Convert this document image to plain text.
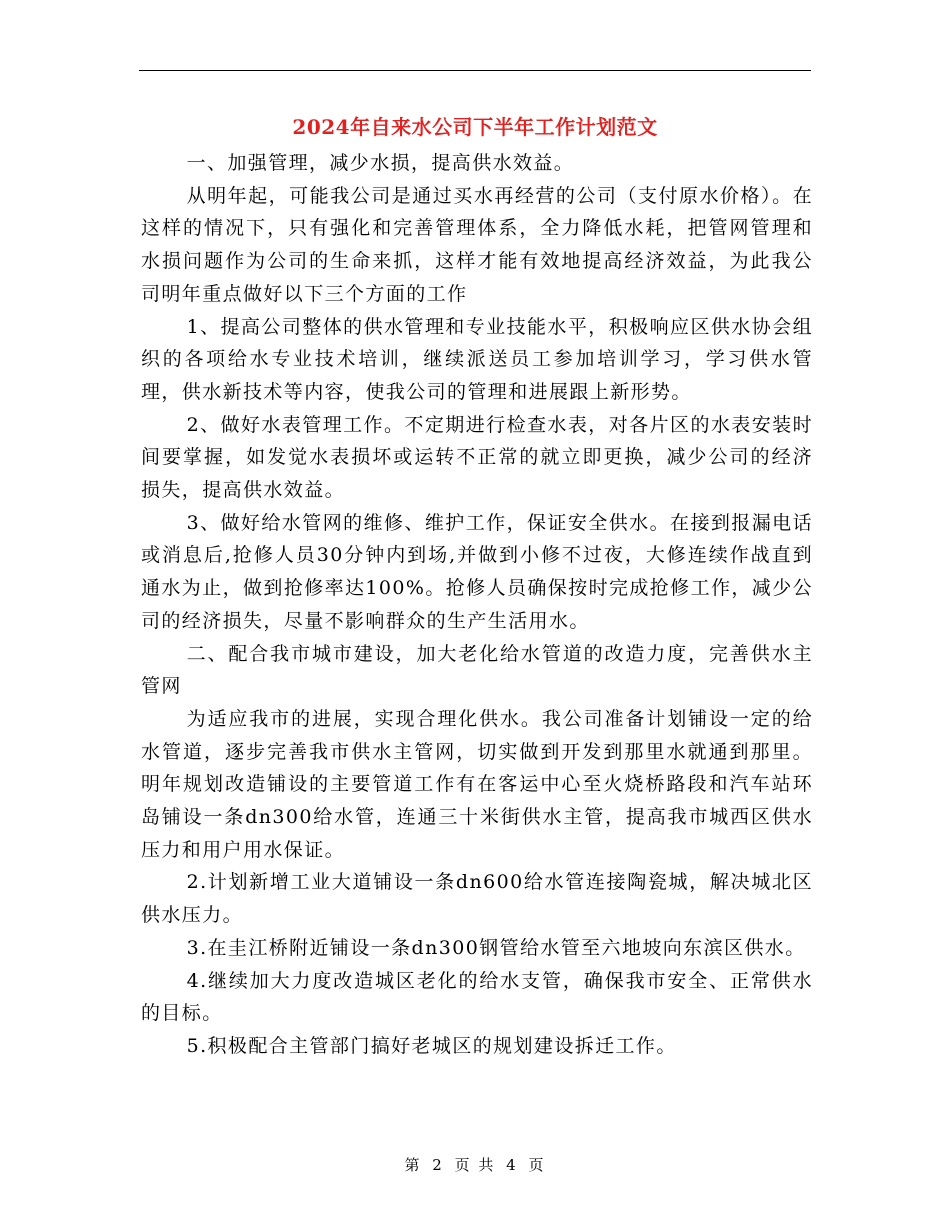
2024年自来水公司下半年工作计划范文

一、加强管理，减少水损，提高供水效益。

从明年起，可能我公司是通过买水再经营的公司（支付原水价格）。在这样的情况下，只有强化和完善管理体系，全力降低水耗，把管网管理和水损问题作为公司的生命来抓，这样才能有效地提高经济效益，为此我公司明年重点做好以下三个方面的工作

1、提高公司整体的供水管理和专业技能水平，积极响应区供水协会组织的各项给水专业技术培训，继续派送员工参加培训学习，学习供水管理，供水新技术等内容，使我公司的管理和进展跟上新形势。

2、做好水表管理工作。不定期进行检查水表，对各片区的水表安装时间要掌握，如发觉水表损坏或运转不正常的就立即更换，减少公司的经济损失，提高供水效益。

3、做好给水管网的维修、维护工作，保证安全供水。在接到报漏电话或消息后,抢修人员30分钟内到场,并做到小修不过夜，大修连续作战直到通水为止，做到抢修率达100%。抢修人员确保按时完成抢修工作，减少公司的经济损失，尽量不影响群众的生产生活用水。

二、配合我市城市建设，加大老化给水管道的改造力度，完善供水主管网

为适应我市的进展，实现合理化供水。我公司准备计划铺设一定的给水管道，逐步完善我市供水主管网，切实做到开发到那里水就通到那里。明年规划改造铺设的主要管道工作有在客运中心至火烧桥路段和汽车站环岛铺设一条dn300给水管，连通三十米街供水主管，提高我市城西区供水压力和用户用水保证。

2.计划新增工业大道铺设一条dn600给水管连接陶瓷城，解决城北区供水压力。

3.在圭江桥附近铺设一条dn300钢管给水管至六地坡向东滨区供水。

4.继续加大力度改造城区老化的给水支管，确保我市安全、正常供水的目标。

5.积极配合主管部门搞好老城区的规划建设拆迁工作。

第 2 页 共 4 页
